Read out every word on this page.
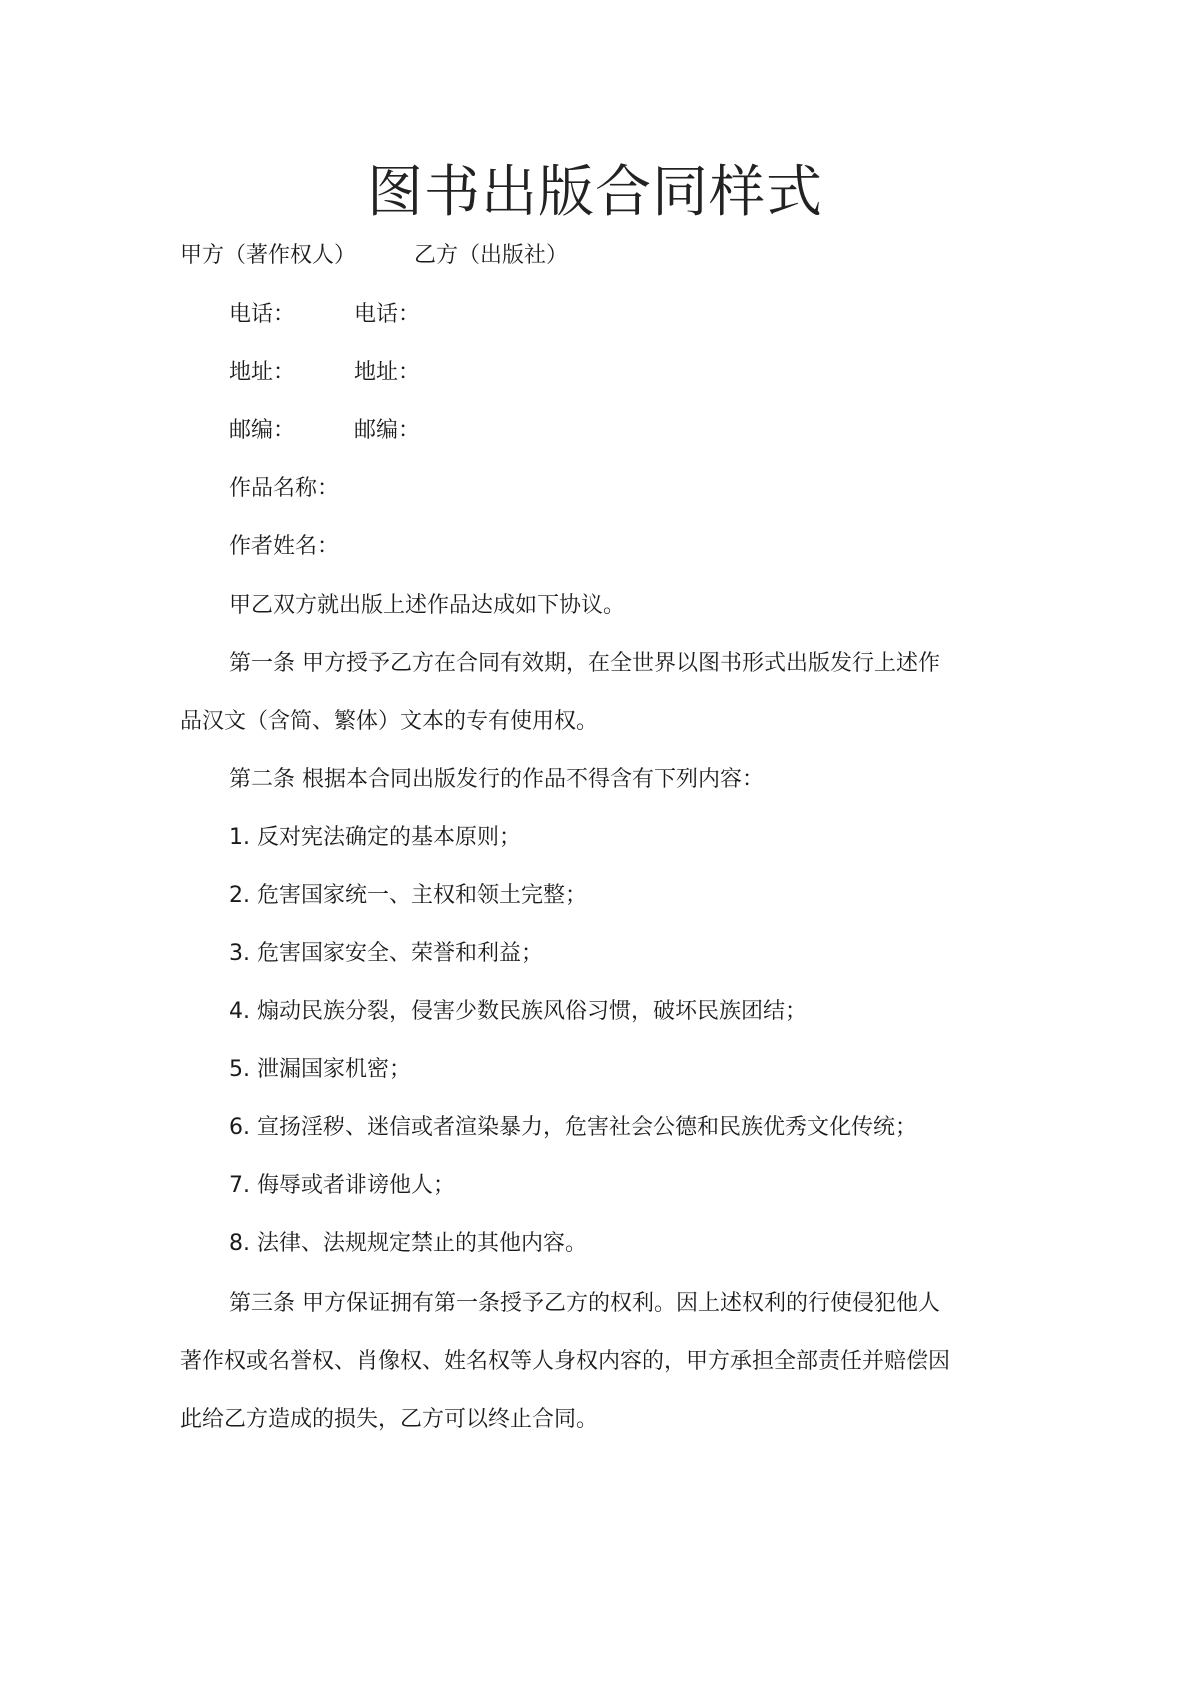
图书出版合同样式
甲方（著作权人）	乙方（出版社）
电话：	电话：
地址：	地址：
邮编：	邮编：
作品名称：
作者姓名：
甲乙双方就出版上述作品达成如下协议。
第一条 甲方授予乙方在合同有效期，在全世界以图书形式出版发行上述作
品汉文（含简、繁体）文本的专有使用权。
第二条 根据本合同出版发行的作品不得含有下列内容：
1. 反对宪法确定的基本原则；
2. 危害国家统一、主权和领土完整；
3. 危害国家安全、荣誉和利益；
4. 煽动民族分裂，侵害少数民族风俗习惯，破坏民族团结；
5. 泄漏国家机密；
6. 宣扬淫秽、迷信或者渲染暴力，危害社会公德和民族优秀文化传统；
7. 侮辱或者诽谤他人；
8. 法律、法规规定禁止的其他内容。
第三条 甲方保证拥有第一条授予乙方的权利。因上述权利的行使侵犯他人
著作权或名誉权、肖像权、姓名权等人身权内容的，甲方承担全部责任并赔偿因
此给乙方造成的损失，乙方可以终止合同。
